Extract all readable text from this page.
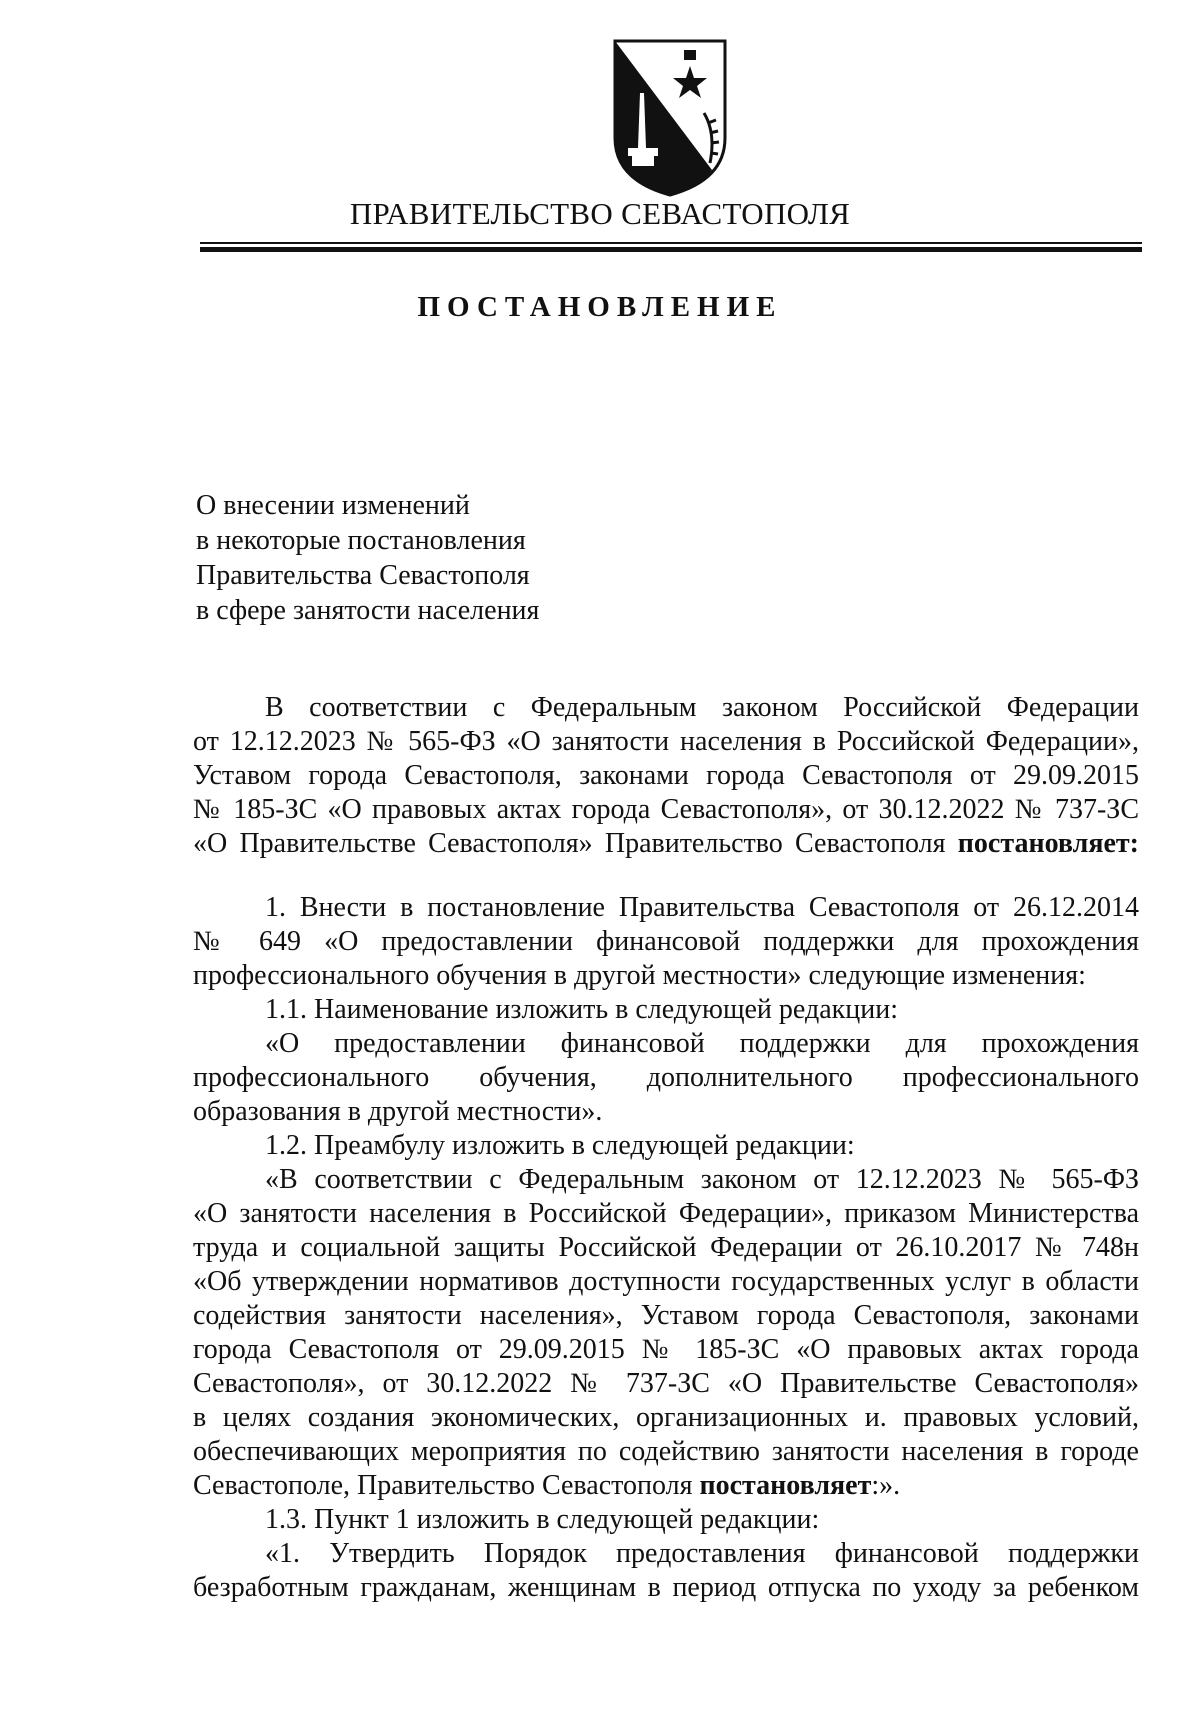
ПРАВИТЕЛЬСТВО СЕВАСТОПОЛЯ
ПОСТАНОВЛЕНИЕ
О внесении изменений
в некоторые постановления
Правительства Севастополя
в сфере занятости населения
В соответствии с Федеральным законом Российской Федерации
от 12.12.2023 № 565-ФЗ «О занятости населения в Российской Федерации»,
Уставом города Севастополя, законами города Севастополя от 29.09.2015
№ 185-ЗС «О правовых актах города Севастополя», от 30.12.2022 № 737-ЗС
«О Правительстве Севастополя» Правительство Севастополя постановляет:
1. Внести в постановление Правительства Севастополя от 26.12.2014
№ 649 «О предоставлении финансовой поддержки для прохождения
профессионального обучения в другой местности» следующие изменения:
1.1. Наименование изложить в следующей редакции:
«О предоставлении финансовой поддержки для прохождения
профессионального обучения, дополнительного профессионального
образования в другой местности».
1.2. Преамбулу изложить в следующей редакции:
«В соответствии с Федеральным законом от 12.12.2023 № 565-ФЗ
«О занятости населения в Российской Федерации», приказом Министерства
труда и социальной защиты Российской Федерации от 26.10.2017 № 748н
«Об утверждении нормативов доступности государственных услуг в области
содействия занятости населения», Уставом города Севастополя, законами
города Севастополя от 29.09.2015 № 185-ЗС «О правовых актах города
Севастополя», от 30.12.2022 № 737-ЗС «О Правительстве Севастополя»
в целях создания экономических, организационных и. правовых условий,
обеспечивающих мероприятия по содействию занятости населения в городе
Севастополе, Правительство Севастополя постановляет:».
1.3. Пункт 1 изложить в следующей редакции:
«1. Утвердить Порядок предоставления финансовой поддержки
безработным гражданам, женщинам в период отпуска по уходу за ребенком
